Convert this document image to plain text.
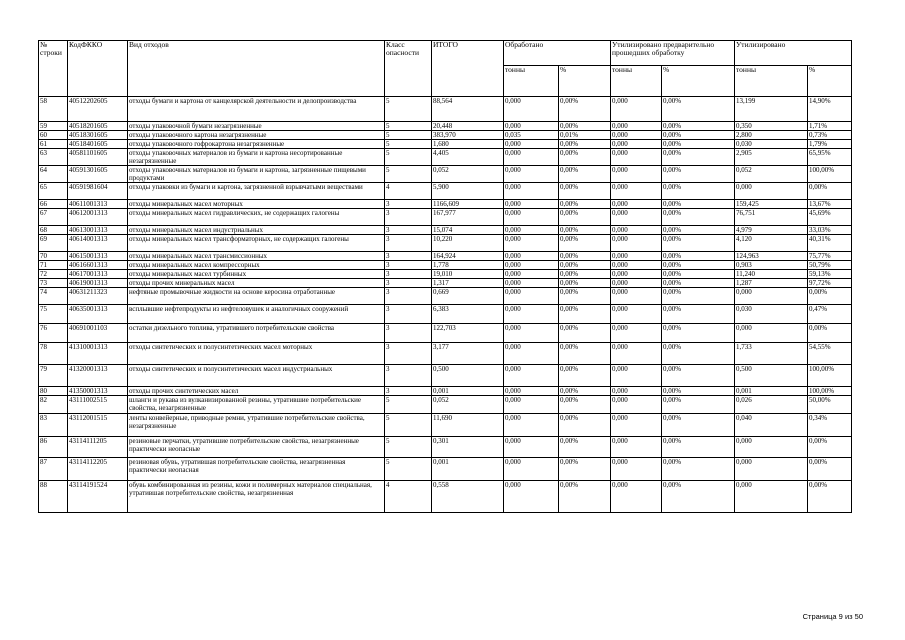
№ строки	КодФККО	Вид отходов	Класс опасности	ИТОГО	Обработано		Утилизировано предварительно прошедших обработку		Утилизировано	
					тонны	%	тонны	%	тонны	%
58	40512202605	отходы бумаги и картона от канцелярской деятельности и делопроизводства	5	88,564	0,000	0,00%	0,000	0,00%	13,199	14,90%
59	40518201605	отходы упаковочной бумаги незагрязненные	5	20,448	0,000	0,00%	0,000	0,00%	0,350	1,71%
60	40518301605	отходы упаковочного картона незагрязненные	5	383,970	0,035	0,01%	0,000	0,00%	2,800	0,73%
61	40518401605	отходы упаковочного гофрокартона незагрязненные	5	1,680	0,000	0,00%	0,000	0,00%	0,030	1,79%
63	40581101605	отходы упаковочных материалов из бумаги и картона несортированные незагрязненные	5	4,405	0,000	0,00%	0,000	0,00%	2,905	65,95%
64	40591301605	отходы упаковочных материалов из бумаги и картона, загрязненные пищевыми продуктами	5	0,052	0,000	0,00%	0,000	0,00%	0,052	100,00%
65	40591981604	отходы упаковки из бумаги и картона, загрязненной взрывчатыми веществами	4	5,900	0,000	0,00%	0,000	0,00%	0,000	0,00%
66	40611001313	отходы минеральных масел моторных	3	1166,609	0,000	0,00%	0,000	0,00%	159,425	13,67%
67	40612001313	отходы минеральных масел гидравлических, не содержащих галогены	3	167,977	0,000	0,00%	0,000	0,00%	76,751	45,69%
68	40613001313	отходы минеральных масел индустриальных	3	15,074	0,000	0,00%	0,000	0,00%	4,979	33,03%
69	40614001313	отходы минеральных масел трансформаторных, не содержащих галогены	3	10,220	0,000	0,00%	0,000	0,00%	4,120	40,31%
70	40615001313	отходы минеральных масел трансмиссионных	3	164,924	0,000	0,00%	0,000	0,00%	124,963	75,77%
71	40616601313	отходы минеральных масел компрессорных	3	1,778	0,000	0,00%	0,000	0,00%	0,903	50,79%
72	40617001313	отходы минеральных масел турбинных	3	19,010	0,000	0,00%	0,000	0,00%	11,240	59,13%
73	40619001313	отходы прочих минеральных масел	3	1,317	0,000	0,00%	0,000	0,00%	1,287	97,72%
74	40631211323	нефтяные промывочные жидкости на основе керосина отработанные	3	0,669	0,000	0,00%	0,000	0,00%	0,000	0,00%
75	40635001313	всплывшие нефтепродукты из нефтеловушек и аналогичных сооружений	3	6,383	0,000	0,00%	0,000	0,00%	0,030	0,47%
76	40691001103	остатки дизельного топлива, утратившего потребительские свойства	3	122,703	0,000	0,00%	0,000	0,00%	0,000	0,00%
78	41310001313	отходы синтетических и полусинтетических масел моторных	3	3,177	0,000	0,00%	0,000	0,00%	1,733	54,55%
79	41320001313	отходы синтетических и полусинтетических масел индустриальных	3	0,500	0,000	0,00%	0,000	0,00%	0,500	100,00%
80	41350001313	отходы прочих синтетических масел	3	0,001	0,000	0,00%	0,000	0,00%	0,001	100,00%
82	43111002515	шланги и рукава из вулканизированной резины, утратившие потребительские свойства, незагрязненные	5	0,052	0,000	0,00%	0,000	0,00%	0,026	50,00%
83	43112001515	ленты конвейерные, приводные ремни, утратившие потребительские свойства, незагрязненные	5	11,690	0,000	0,00%	0,000	0,00%	0,040	0,34%
86	43114111205	резиновые перчатки, утратившие потребительские свойства, незагрязненные практически неопасные	5	0,301	0,000	0,00%	0,000	0,00%	0,000	0,00%
87	43114112205	резиновая обувь, утратившая потребительские свойства, незагрязненная практически неопасная	5	0,001	0,000	0,00%	0,000	0,00%	0,000	0,00%
88	43114191524	обувь комбинированная из резины, кожи и полимерных материалов специальная, утратившая потребительские свойства, незагрязненная	4	0,558	0,000	0,00%	0,000	0,00%	0,000	0,00%
Страница 9 из 50
